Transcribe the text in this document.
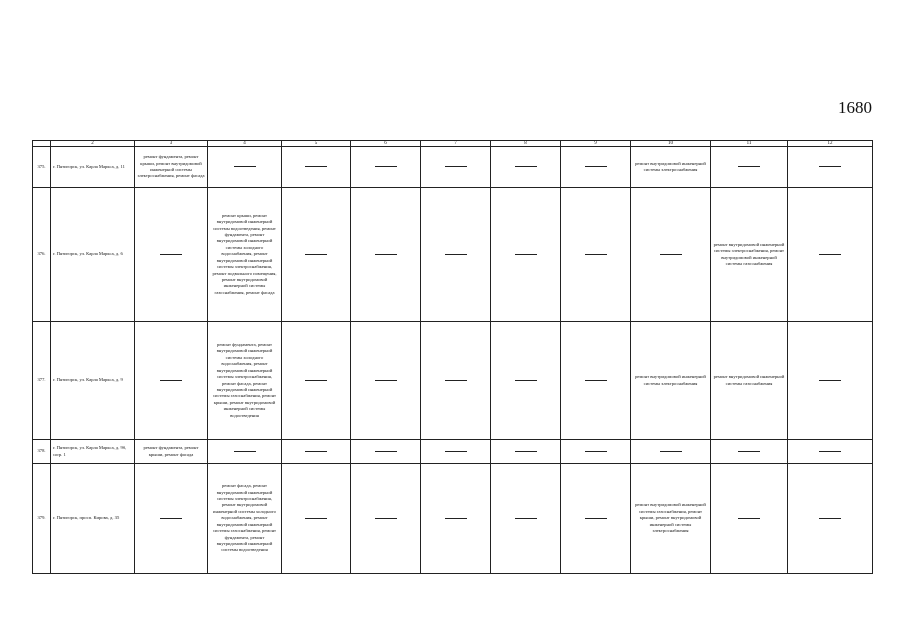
1680
	2	3	4	5	6	7	8	9	10	11	12
375.	г. Пятигорск, ул. Карла Маркса, д. 11	ремонт фундамента, ремонт крыши, ремонт внутридомовой инженерной системы электроснабжения, ремонт фасада							ремонт внутридомовой инженерной системы электроснабжения		
376.	г. Пятигорск, ул. Карла Маркса, д. 6		ремонт крыши, ремонт внутридомовой инженерной системы водоотведения, ремонт фундамента, ремонт внутридомовой инженерной системы холодного водоснабжения, ремонт внутридомовой инженерной системы электроснабжения, ремонт подвального помещения, ремонт внутридомовой инженерной системы газоснабжения, ремонт фасада							ремонт внутридомовой инженерной системы электроснабжения, ремонт внутридомовой инженерной системы газоснабжения	
377.	г. Пятигорск, ул. Карла Маркса, д. 9		ремонт фундамента, ремонт внутридомовой инженерной системы холодного водоснабжения, ремонт внутридомовой инженерной системы электроснабжения, ремонт фасада, ремонт внутридомовой инженерной системы газоснабжения, ремонт крыши, ремонт внутридомовой инженерной системы водоотведения						ремонт внутридомовой инженерной системы электроснабжения	ремонт внутридомовой инженерной системы газоснабжения	
378.	г. Пятигорск, ул. Карла Маркса, д. 9б, corp. 1	ремонт фундамента, ремонт крыши, ремонт фасада									
379.	г. Пятигорск, просп. Кирова, д. 35		ремонт фасада, ремонт внутридомовой инженерной системы электроснабжения, ремонт внутридомовой инженерной системы холодного водоснабжения, ремонт внутридомовой инженерной системы газоснабжения, ремонт фундамента, ремонт внутридомовой инженерной системы водоотведения						ремонт внутридомовой инженерной системы газоснабжения, ремонт крыши, ремонт внутридомовой инженерной системы электроснабжения		
